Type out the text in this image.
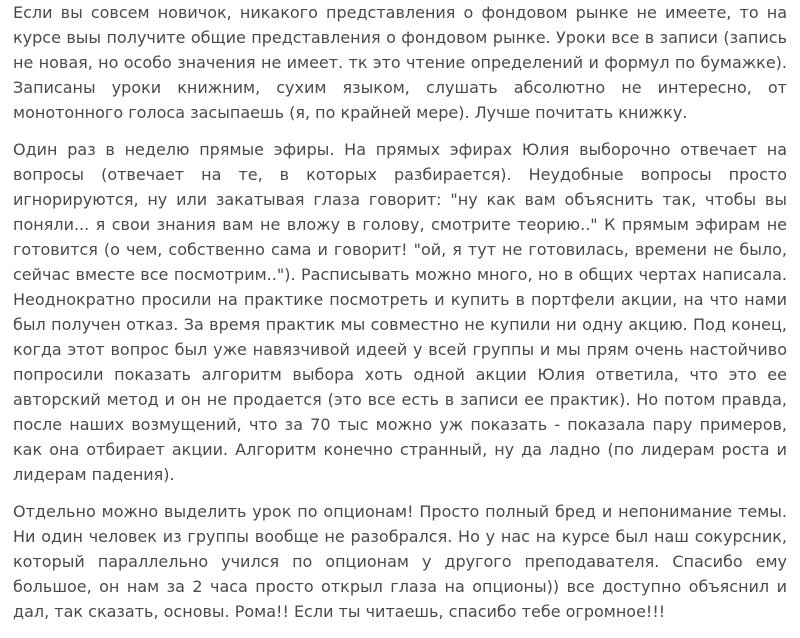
Если вы совсем новичок, никакого представления о фондовом рынке не имеете, то на курсе выы получите общие представления о фондовом рынке. Уроки все в записи (запись не новая, но особо значения не имеет. тк это чтение определений и формул по бумажке). Записаны уроки книжним, сухим языком, слушать абсолютно не интересно, от монотонного голоса засыпаешь (я, по крайней мере). Лучше почитать книжку.

Один раз в неделю прямые эфиры. На прямых эфирах Юлия выборочно отвечает на вопросы (отвечает на те, в которых разбирается). Неудобные вопросы просто игнорируются, ну или закатывая глаза говорит: "ну как вам объяснить так, чтобы вы поняли... я свои знания вам не вложу в голову, смотрите теорию.." К прямым эфирам не готовится (о чем, собственно сама и говорит! "ой, я тут не готовилась, времени не было, сейчас вместе все посмотрим.."). Расписывать можно много, но в общих чертах написала. Неоднократно просили на практике посмотреть и купить в портфели акции, на что нами был получен отказ. За время практик мы совместно не купили ни одну акцию. Под конец, когда этот вопрос был уже навязчивой идеей у всей группы и мы прям очень настойчиво попросили показать алгоритм выбора хоть одной акции Юлия ответила, что это ее авторский метод и он не продается (это все есть в записи ее практик). Но потом правда, после наших возмущений, что за 70 тыс можно уж показать - показала пару примеров, как она отбирает акции. Алгоритм конечно странный, ну да ладно (по лидерам роста и лидерам падения).

Отдельно можно выделить урок по опционам! Просто полный бред и непонимание темы. Ни один человек из группы вообще не разобрался. Но у нас на курсе был наш сокурсник, который параллельно учился по опционам у другого преподавателя. Спасибо ему большое, он нам за 2 часа просто открыл глаза на опционы)) все доступно объяснил и дал, так сказать, основы. Рома!! Если ты читаешь, спасибо тебе огромное!!!
